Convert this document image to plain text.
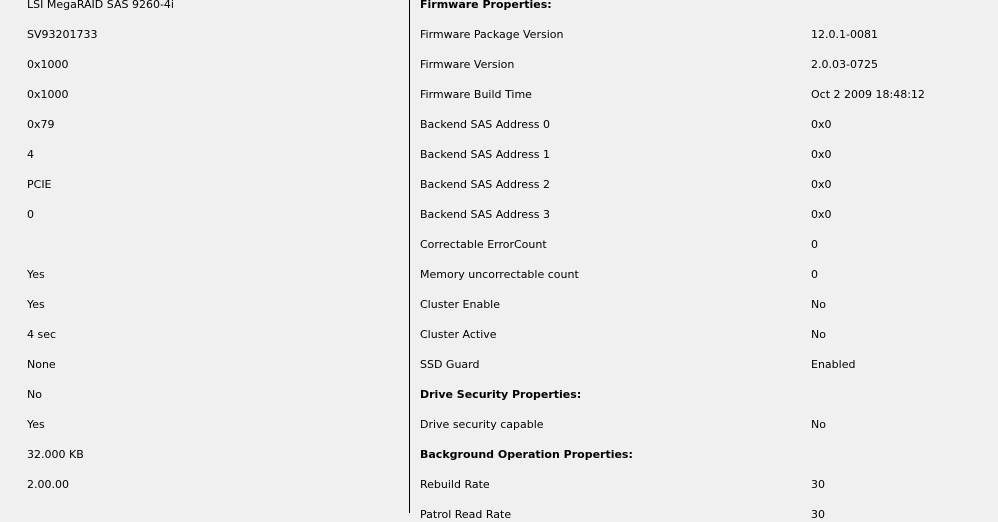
LSI MegaRAID SAS 9260-4i
SV93201733
0x1000
0x1000
0x79
4
PCIE
0
Yes
Yes
4 sec
None
No
Yes
32.000 KB
2.00.00
Firmware Properties:
Firmware Package Version	12.0.1-0081
Firmware Version	2.0.03-0725
Firmware Build Time	Oct 2 2009 18:48:12
Backend SAS Address 0	0x0
Backend SAS Address 1	0x0
Backend SAS Address 2	0x0
Backend SAS Address 3	0x0
Correctable ErrorCount	0
Memory uncorrectable count	0
Cluster Enable	No
Cluster Active	No
SSD Guard	Enabled
Drive Security Properties:
Drive security capable	No
Background Operation Properties:
Rebuild Rate	30
Patrol Read Rate	30
